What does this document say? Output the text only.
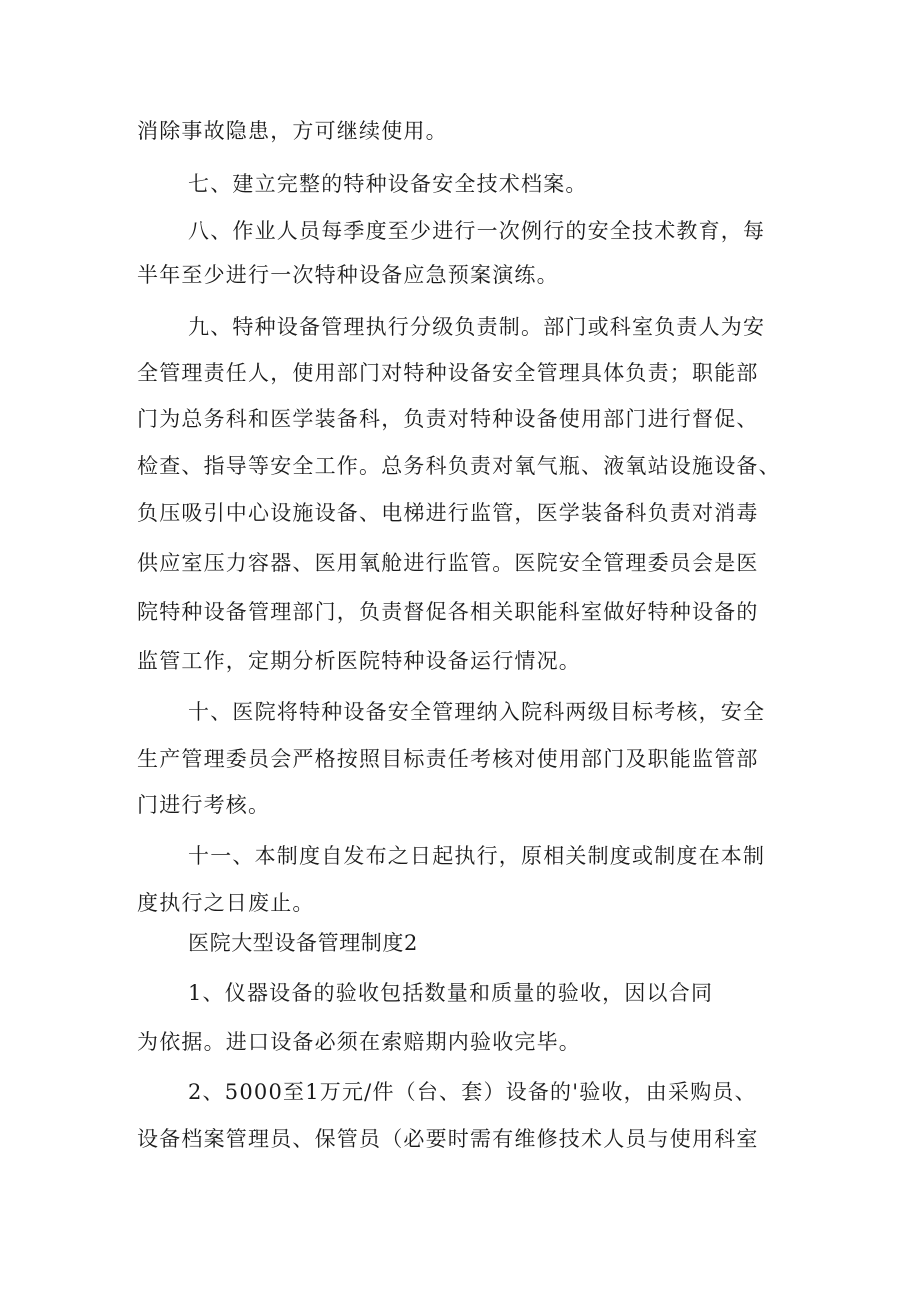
消除事故隐患，方可继续使用。
七、建立完整的特种设备安全技术档案。
八、作业人员每季度至少进行一次例行的安全技术教育，每
半年至少进行一次特种设备应急预案演练。
九、特种设备管理执行分级负责制。部门或科室负责人为安
全管理责任人，使用部门对特种设备安全管理具体负责；职能部
门为总务科和医学装备科，负责对特种设备使用部门进行督促、
检查、指导等安全工作。总务科负责对氧气瓶、液氧站设施设备、
负压吸引中心设施设备、电梯进行监管，医学装备科负责对消毒
供应室压力容器、医用氧舱进行监管。医院安全管理委员会是医
院特种设备管理部门，负责督促各相关职能科室做好特种设备的
监管工作，定期分析医院特种设备运行情况。
十、医院将特种设备安全管理纳入院科两级目标考核，安全
生产管理委员会严格按照目标责任考核对使用部门及职能监管部
门进行考核。
十一、本制度自发布之日起执行，原相关制度或制度在本制
度执行之日废止。
医院大型设备管理制度2
1、仪器设备的验收包括数量和质量的验收，因以合同
为依据。进口设备必须在索赔期内验收完毕。
2、5000至1万元/件（台、套）设备的'验收，由采购员、
设备档案管理员、保管员（必要时需有维修技术人员与使用科室
